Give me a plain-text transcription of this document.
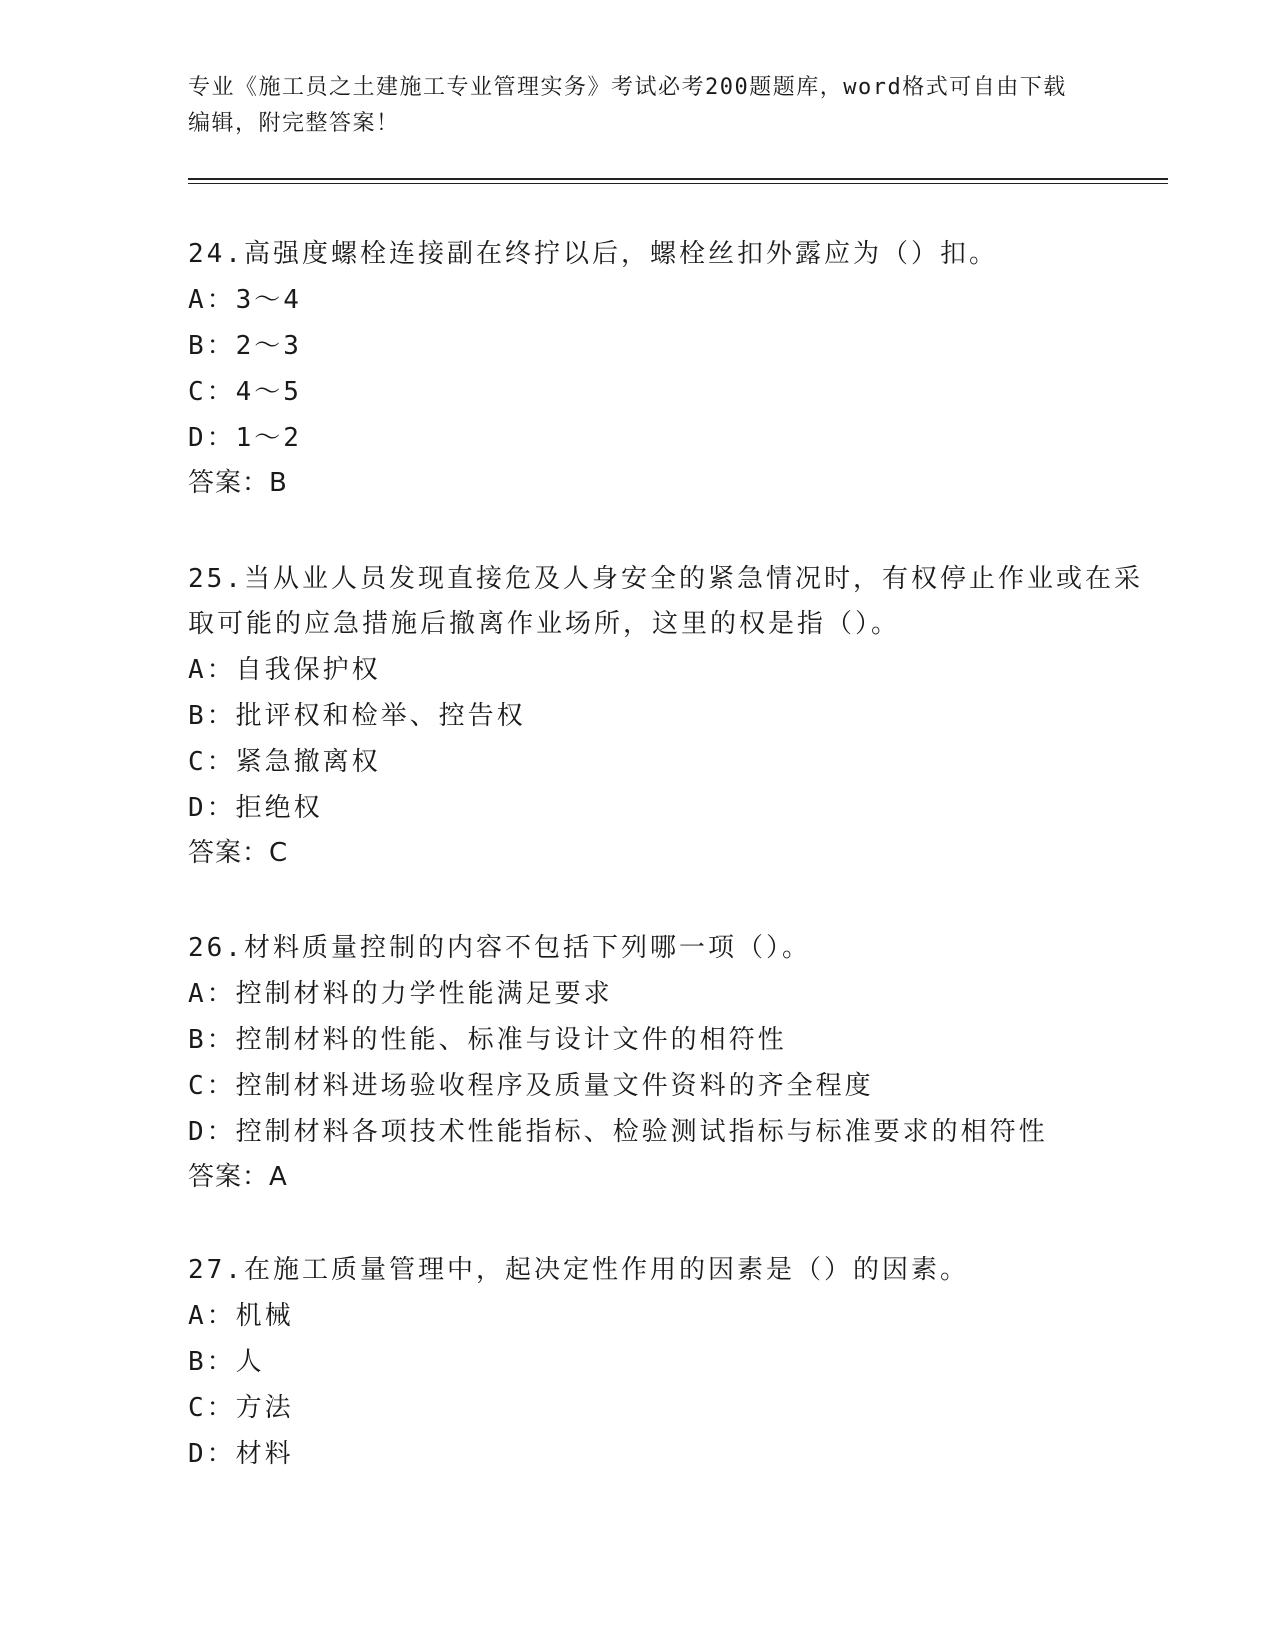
专业《施工员之土建施工专业管理实务》考试必考200题题库，word格式可自由下载编辑，附完整答案！

24.高强度螺栓连接副在终拧以后，螺栓丝扣外露应为（）扣。

A：3～4

B：2～3

C：4～5

D：1～2

答案：B

25.当从业人员发现直接危及人身安全的紧急情况时，有权停止作业或在采取可能的应急措施后撤离作业场所，这里的权是指（）。

A：自我保护权

B：批评权和检举、控告权

C：紧急撤离权

D：拒绝权

答案：C

26.材料质量控制的内容不包括下列哪一项（）。

A：控制材料的力学性能满足要求

B：控制材料的性能、标准与设计文件的相符性

C：控制材料进场验收程序及质量文件资料的齐全程度

D：控制材料各项技术性能指标、检验测试指标与标准要求的相符性

答案：A

27.在施工质量管理中，起决定性作用的因素是（）的因素。

A：机械

B：人

C：方法

D：材料
